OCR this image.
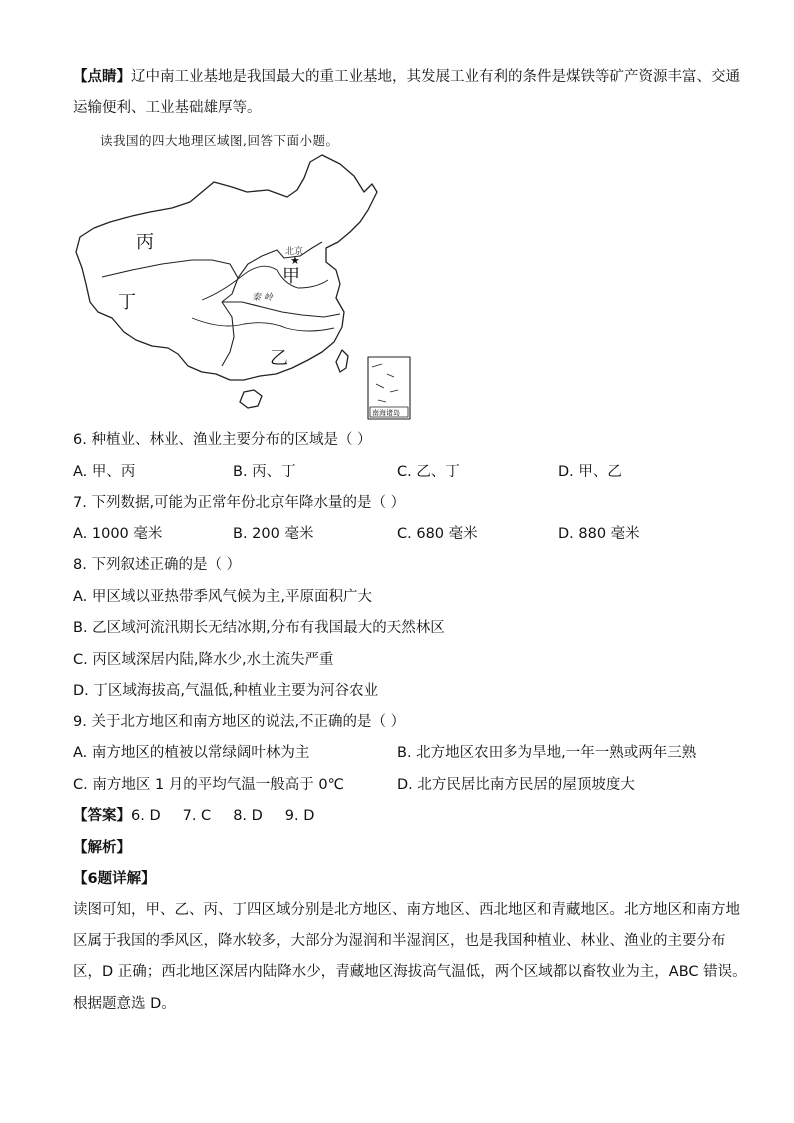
【点睛】辽中南工业基地是我国最大的重工业基地，其发展工业有利的条件是煤铁等矿产资源丰富、交通
运输便利、工业基础雄厚等。
读我国的四大地理区域图,回答下面小题。
★
北京
秦 岭
丙
甲
丁
乙
南海诸岛
6. 种植业、林业、渔业主要分布的区域是（ ）
A. 甲、丙	B. 丙、丁	C. 乙、丁	D. 甲、乙
7. 下列数据,可能为正常年份北京年降水量的是（ ）
A. 1000 毫米	B. 200 毫米	C. 680 毫米	D. 880 毫米
8. 下列叙述正确的是（ ）
A. 甲区域以亚热带季风气候为主,平原面积广大
B. 乙区域河流汛期长无结冰期,分布有我国最大的天然林区
C. 丙区域深居内陆,降水少,水土流失严重
D. 丁区域海拔高,气温低,种植业主要为河谷农业
9. 关于北方地区和南方地区的说法,不正确的是（ ）
A. 南方地区的植被以常绿阔叶林为主	B. 北方地区农田多为旱地,一年一熟或两年三熟
C. 南方地区 1 月的平均气温一般高于 0℃	D. 北方民居比南方民居的屋顶坡度大
【答案】6. D 7. C 8. D 9. D
【解析】
【6题详解】
读图可知，甲、乙、丙、丁四区域分别是北方地区、南方地区、西北地区和青藏地区。北方地区和南方地
区属于我国的季风区，降水较多，大部分为湿润和半湿润区，也是我国种植业、林业、渔业的主要分布
区，D 正确；西北地区深居内陆降水少，青藏地区海拔高气温低，两个区域都以畜牧业为主，ABC 错误。
根据题意选 D。
